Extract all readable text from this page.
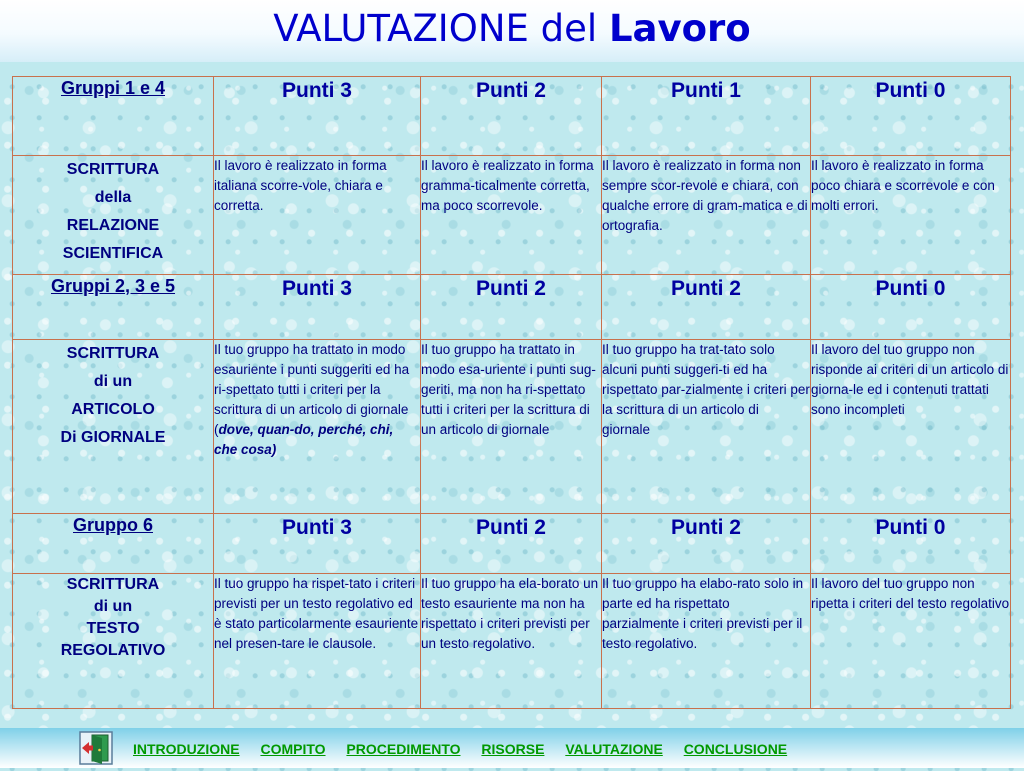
VALUTAZIONE del Lavoro
Gruppi 1 e 4	Punti 3	Punti 2	Punti 1	Punti 0

SCRITTURA
della
RELAZIONE
SCIENTIFICA	Il lavoro è realizzato in forma italiana scorre-vole, chiara e corretta.	Il lavoro è realizzato in forma gramma-ticalmente corretta, ma poco scorrevole.	Il lavoro è realizzato in forma non sempre scor-revole e chiara, con qualche errore di gram-matica e di ortografia.	Il lavoro è realizzato in forma poco chiara e scorrevole e con molti errori.

Gruppi 2, 3 e 5	Punti 3	Punti 2	Punti 2	Punti 0

SCRITTURA
di un
ARTICOLO
Di GIORNALE	Il tuo gruppo ha trattato in modo esauriente i punti suggeriti ed ha ri-spettato tutti i criteri per la scrittura di un articolo di giornale (dove, quan-do, perché, chi, che cosa)	Il tuo gruppo ha trattato in modo esa-uriente i punti sug-geriti, ma non ha ri-spettato tutti i criteri per la scrittura di un articolo di giornale	Il tuo gruppo ha trat-tato solo alcuni punti suggeri-ti ed ha rispettato par-zialmente i criteri per la scrittura di un articolo di giornale	Il lavoro del tuo gruppo non risponde ai criteri di un articolo di giorna-le ed i contenuti trattati sono incompleti

Gruppo 6	Punti 3	Punti 2	Punti 2	Punti 0

SCRITTURA
di un
TESTO
REGOLATIVO	Il tuo gruppo ha rispet-tato i criteri previsti per un testo regolativo ed è stato particolarmente esauriente nel presen-tare le clausole.	Il tuo gruppo ha ela-borato un testo esauriente ma non ha rispettato i criteri previsti per un testo regolativo.	Il tuo gruppo ha elabo-rato solo in parte ed ha rispettato parzialmente i criteri previsti per il testo regolativo.	Il lavoro del tuo gruppo non ripetta i criteri del testo regolativo
INTRODUZIONE COMPITO PROCEDIMENTO RISORSE VALUTAZIONE CONCLUSIONE
